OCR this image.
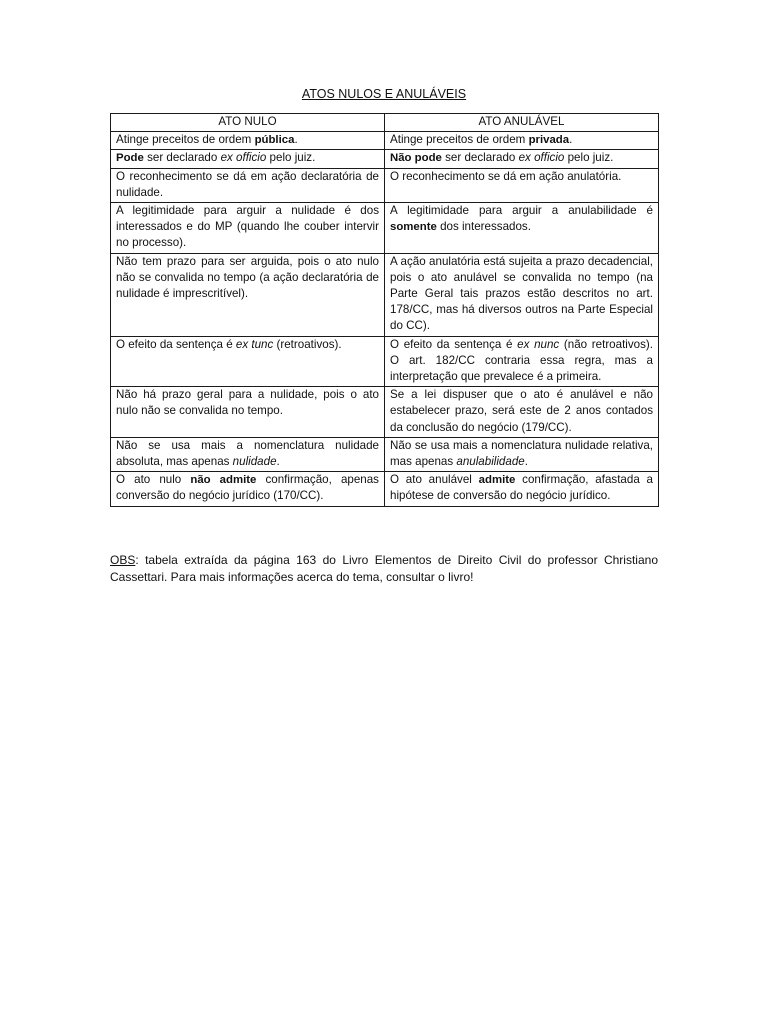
ATOS NULOS E ANULÁVEIS
ATO NULO	ATO ANULÁVEL
Atinge preceitos de ordem pública.	Atinge preceitos de ordem privada.
Pode ser declarado ex officio pelo juiz.	Não pode ser declarado ex officio pelo juiz.
O reconhecimento se dá em ação declaratória de nulidade.	O reconhecimento se dá em ação anulatória.
A legitimidade para arguir a nulidade é dos interessados e do MP (quando lhe couber intervir no processo).	A legitimidade para arguir a anulabilidade é somente dos interessados.
Não tem prazo para ser arguida, pois o ato nulo não se convalida no tempo (a ação declaratória de nulidade é imprescritível).	A ação anulatória está sujeita a prazo decadencial, pois o ato anulável se convalida no tempo (na Parte Geral tais prazos estão descritos no art. 178/CC, mas há diversos outros na Parte Especial do CC).
O efeito da sentença é ex tunc (retroativos).	O efeito da sentença é ex nunc (não retroativos). O art. 182/CC contraria essa regra, mas a interpretação que prevalece é a primeira.
Não há prazo geral para a nulidade, pois o ato nulo não se convalida no tempo.	Se a lei dispuser que o ato é anulável e não estabelecer prazo, será este de 2 anos contados da conclusão do negócio (179/CC).
Não se usa mais a nomenclatura nulidade absoluta, mas apenas nulidade.	Não se usa mais a nomenclatura nulidade relativa, mas apenas anulabilidade.
O ato nulo não admite confirmação, apenas conversão do negócio jurídico (170/CC).	O ato anulável admite confirmação, afastada a hipótese de conversão do negócio jurídico.

OBS: tabela extraída da página 163 do Livro Elementos de Direito Civil do professor Christiano Cassettari. Para mais informações acerca do tema, consultar o livro!
